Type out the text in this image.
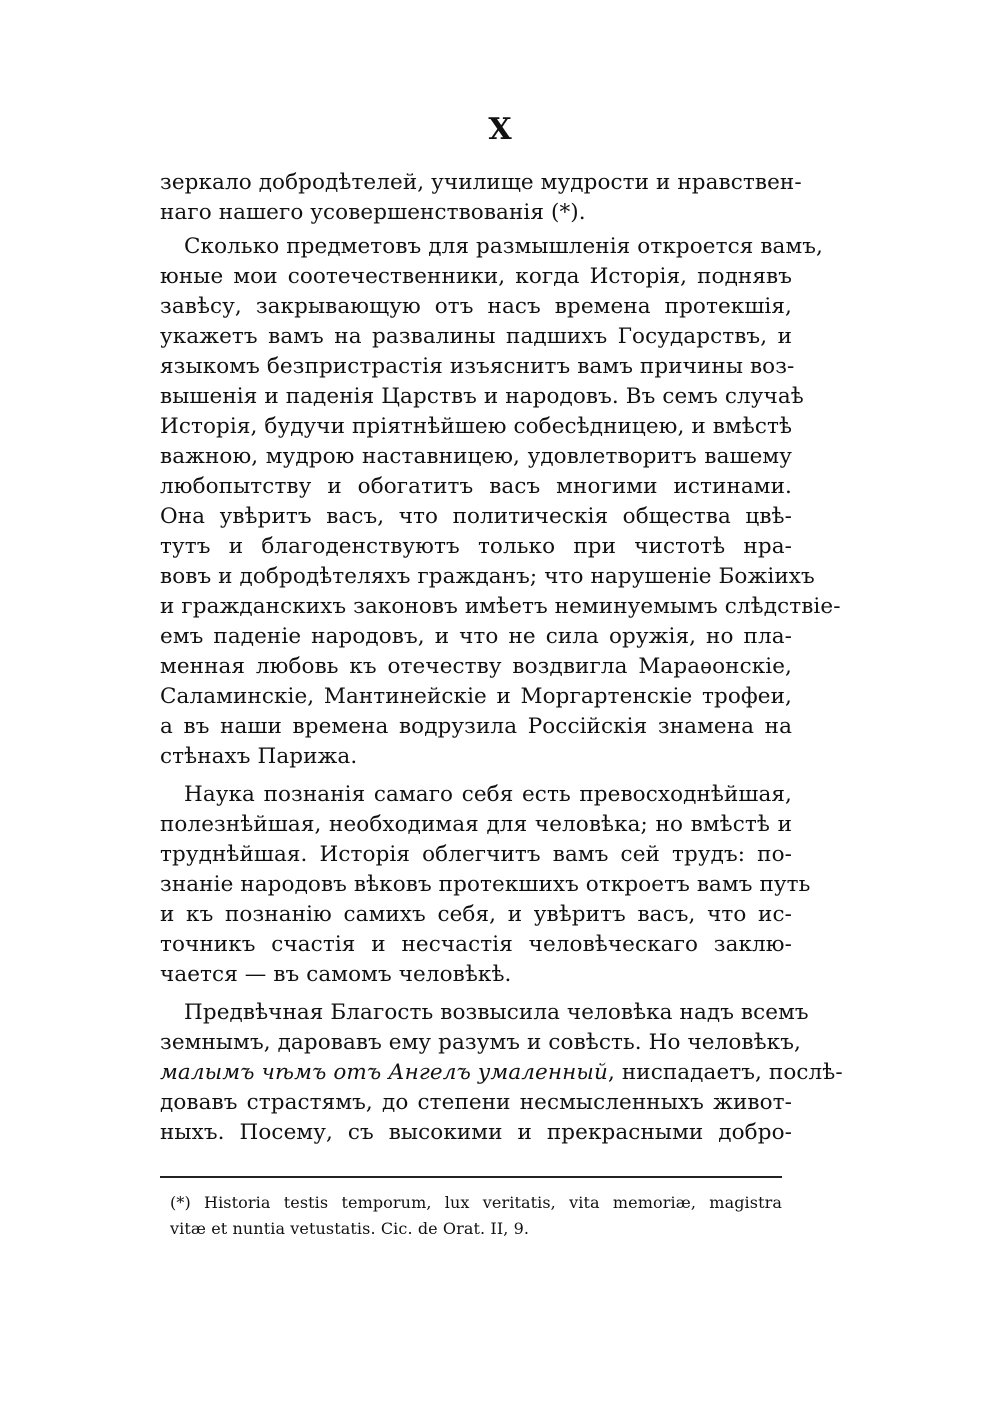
X
зеркало добродѣтелей, училище мудрости и нравствен-
наго нашего усовершенствованія (*).
Сколько предметовъ для размышленія откроется вамъ,
юные мои соотечественники, когда Исторія, поднявъ
завѣсу, закрывающую отъ насъ времена протекшія,
укажетъ вамъ на развалины падшихъ Государствъ, и
языкомъ безпристрастія изъяснитъ вамъ причины воз-
вышенія и паденія Царствъ и народовъ. Въ семъ случаѣ
Исторія, будучи пріятнѣйшею собесѣдницею, и вмѣстѣ
важною, мудрою наставницею, удовлетворитъ вашему
любопытству и обогатитъ васъ многими истинами.
Она увѣритъ васъ, что политическія общества цвѣ-
тутъ и благоденствуютъ только при чистотѣ нра-
вовъ и добродѣтеляхъ гражданъ; что нарушеніе Божіихъ
и гражданскихъ законовъ имѣетъ неминуемымъ слѣдствіе-
емъ паденіе народовъ, и что не сила оружія, но пла-
менная любовь къ отечеству воздвигла Мараѳонскіе,
Саламинскіе, Мантинейскіе и Моргартенскіе трофеи,
а въ наши времена водрузила Россійскія знамена на
стѣнахъ Парижа.
Наука познанія самаго себя есть превосходнѣйшая,
полезнѣйшая, необходимая для человѣка; но вмѣстѣ и
труднѣйшая. Исторія облегчитъ вамъ сей трудъ: по-
знаніе народовъ вѣковъ протекшихъ откроетъ вамъ путь
и къ познанію самихъ себя, и увѣритъ васъ, что ис-
точникъ счастія и несчастія человѣческаго заклю-
чается — въ самомъ человѣкѣ.
Предвѣчная Благость возвысила человѣка надъ всемъ
земнымъ, даровавъ ему разумъ и совѣсть. Но человѣкъ,
малымъ чѣмъ отъ Ангелъ умаленный, ниспадаетъ, послѣ-
довавъ страстямъ, до степени несмысленныхъ живот-
ныхъ. Посему, съ высокими и прекрасными добро-
(*) Historia testis temporum, lux veritatis, vita memoriæ, magistra
vitæ et nuntia vetustatis. Cic. de Orat. II, 9.
